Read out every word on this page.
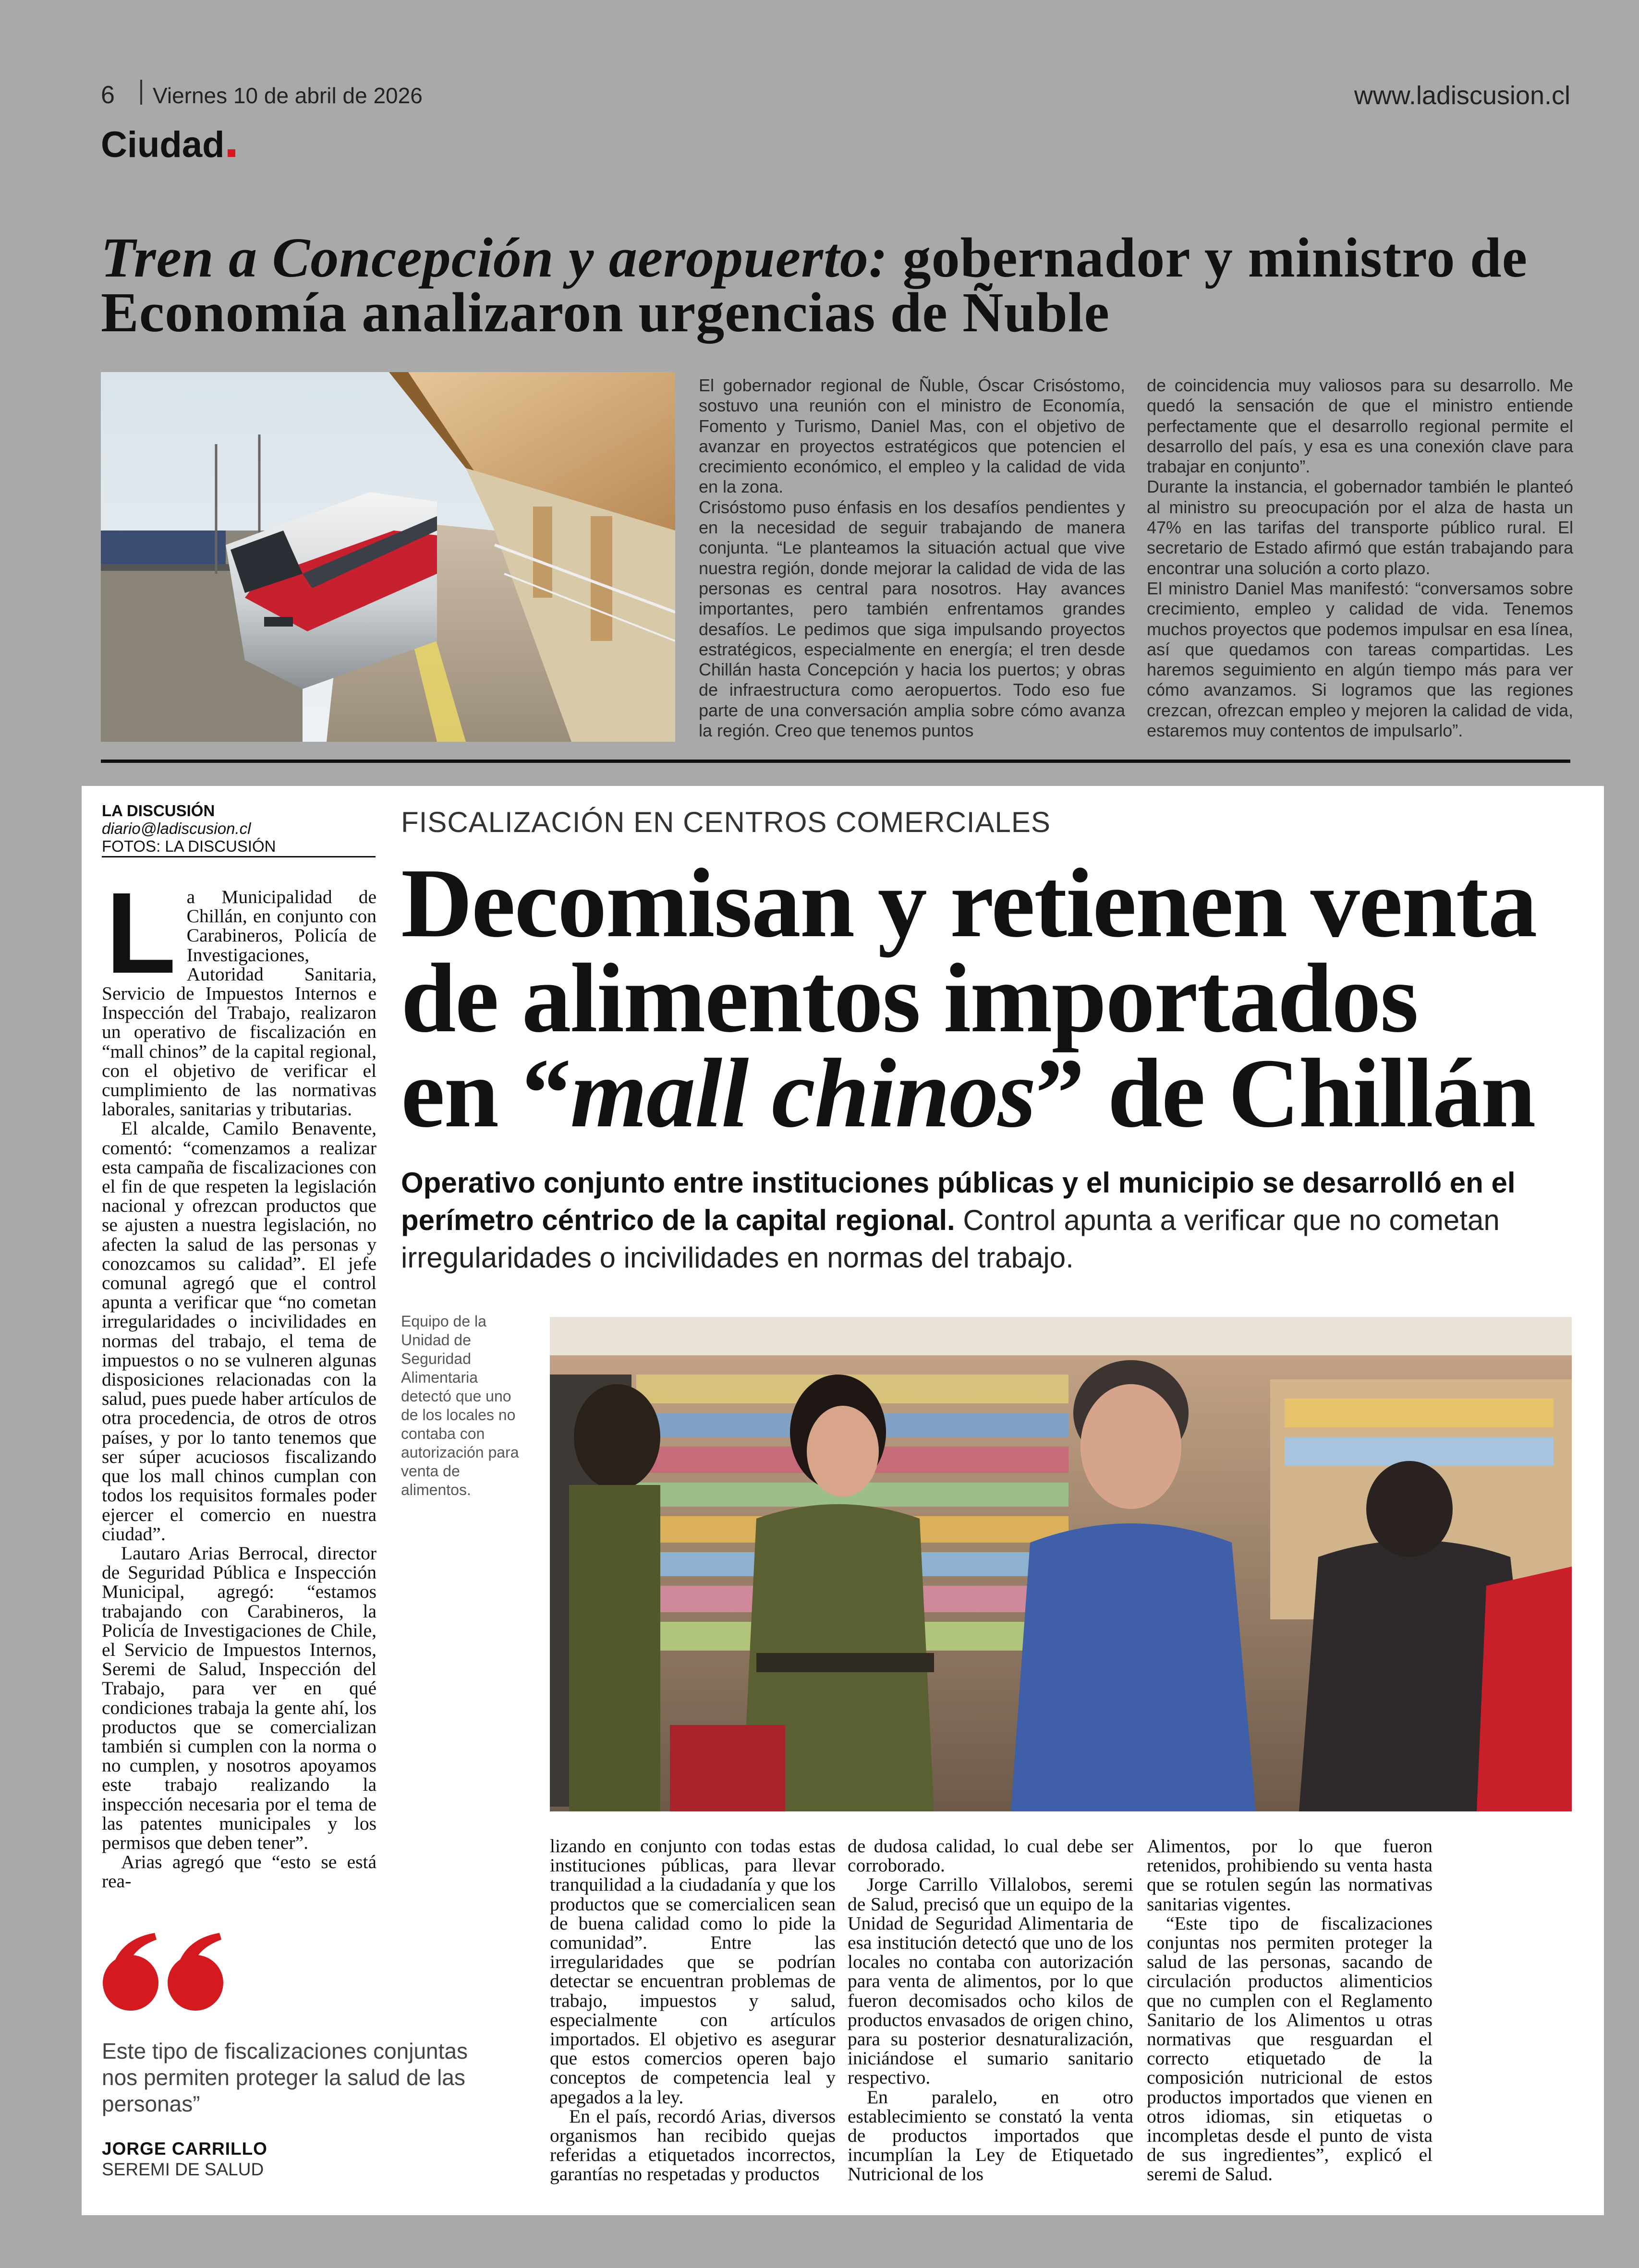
6 Viernes 10 de abril de 2026	www.ladiscusion.cl
Ciudad
Tren a Concepción y aeropuerto: gobernador y ministro de Economía analizaron urgencias de Ñuble

El gobernador regional de Ñuble, Óscar Crisóstomo, sostuvo una reunión con el ministro de Economía, Fomento y Turismo, Daniel Mas, con el objetivo de avanzar en proyectos estratégicos que potencien el crecimiento económico, el empleo y la calidad de vida en la zona.

Crisóstomo puso énfasis en los desafíos pendientes y en la necesidad de seguir trabajando de manera conjunta. “Le planteamos la situación actual que vive nuestra región, donde mejorar la calidad de vida de las personas es central para nosotros. Hay avances importantes, pero también enfrentamos grandes desafíos. Le pedimos que siga impulsando proyectos estratégicos, especialmente en energía; el tren desde Chillán hasta Concepción y hacia los puertos; y obras de infraestructura como aeropuertos. Todo eso fue parte de una conversación amplia sobre cómo avanza la región. Creo que tenemos puntos

de coincidencia muy valiosos para su desarrollo. Me quedó la sensación de que el ministro entiende perfectamente que el desarrollo regional permite el desarrollo del país, y esa es una conexión clave para trabajar en conjunto”.

Durante la instancia, el gobernador también le planteó al ministro su preocupación por el alza de hasta un 47% en las tarifas del transporte público rural. El secretario de Estado afirmó que están trabajando para encontrar una solución a corto plazo.

El ministro Daniel Mas manifestó: “conversamos sobre crecimiento, empleo y calidad de vida. Tenemos muchos proyectos que podemos impulsar en esa línea, así que quedamos con tareas compartidas. Les haremos seguimiento en algún tiempo más para ver cómo avanzamos. Si logramos que las regiones crezcan, ofrezcan empleo y mejoren la calidad de vida, estaremos muy contentos de impulsarlo”.

LA DISCUSIÓN
diario@ladiscusion.cl
FOTOS: LA DISCUSIÓN
FISCALIZACIÓN EN CENTROS COMERCIALES
Decomisan y retienen venta
de alimentos importados
en “mall chinos” de Chillán
Operativo conjunto entre instituciones públicas y el municipio se desarrolló en el perímetro céntrico de la capital regional. Control apunta a verificar que no cometan irregularidades o incivilidades en normas del trabajo.
Equipo de la Unidad de Seguridad Alimentaria detectó que uno de los locales no contaba con autorización para venta de alimentos.

La Municipalidad de Chillán, en conjunto con Carabineros, Policía de Investigaciones, Autoridad Sanitaria, Servicio de Impuestos Internos e Inspección del Trabajo, realizaron un operativo de fiscalización en “mall chinos” de la capital regional, con el objetivo de verificar el cumplimiento de las normativas laborales, sanitarias y tributarias.

El alcalde, Camilo Benavente, comentó: “comenzamos a realizar esta campaña de fiscalizaciones con el fin de que respeten la legislación nacional y ofrezcan productos que se ajusten a nuestra legislación, no afecten la salud de las personas y conozcamos su calidad”. El jefe comunal agregó que el control apunta a verificar que “no cometan irregularidades o incivilidades en normas del trabajo, el tema de impuestos o no se vulneren algunas disposiciones relacionadas con la salud, pues puede haber artículos de otra procedencia, de otros de otros países, y por lo tanto tenemos que ser súper acuciosos fiscalizando que los mall chinos cumplan con todos los requisitos formales poder ejercer el comercio en nuestra ciudad”.

Lautaro Arias Berrocal, director de Seguridad Pública e Inspección Municipal, agregó: “estamos trabajando con Carabineros, la Policía de Investigaciones de Chile, el Servicio de Impuestos Internos, Seremi de Salud, Inspección del Trabajo, para ver en qué condiciones trabaja la gente ahí, los productos que se comercializan también si cumplen con la norma o no cumplen, y nosotros apoyamos este trabajo realizando la inspección necesaria por el tema de las patentes municipales y los permisos que deben tener”.

Arias agregó que “esto se está rea-

Este tipo de fiscalizaciones conjuntas nos permiten proteger la salud de las personas”
JORGE CARRILLO
SEREMI DE SALUD

lizando en conjunto con todas estas instituciones públicas, para llevar tranquilidad a la ciudadanía y que los productos que se comercialicen sean de buena calidad como lo pide la comunidad”. Entre las irregularidades que se podrían detectar se encuentran problemas de trabajo, impuestos y salud, especialmente con artículos importados. El objetivo es asegurar que estos comercios operen bajo conceptos de competencia leal y apegados a la ley.

En el país, recordó Arias, diversos organismos han recibido quejas referidas a etiquetados incorrectos, garantías no respetadas y productos

de dudosa calidad, lo cual debe ser corroborado.

Jorge Carrillo Villalobos, seremi de Salud, precisó que un equipo de la Unidad de Seguridad Alimentaria de esa institución detectó que uno de los locales no contaba con autorización para venta de alimentos, por lo que fueron decomisados ocho kilos de productos envasados de origen chino, para su posterior desnaturalización, iniciándose el sumario sanitario respectivo.

En paralelo, en otro establecimiento se constató la venta de productos importados que incumplían la Ley de Etiquetado Nutricional de los

Alimentos, por lo que fueron retenidos, prohibiendo su venta hasta que se rotulen según las normativas sanitarias vigentes.

“Este tipo de fiscalizaciones conjuntas nos permiten proteger la salud de las personas, sacando de circulación productos alimenticios que no cumplen con el Reglamento Sanitario de los Alimentos u otras normativas que resguardan el correcto etiquetado de la composición nutricional de estos productos importados que vienen en otros idiomas, sin etiquetas o incompletas desde el punto de vista de sus ingredientes”, explicó el seremi de Salud.
